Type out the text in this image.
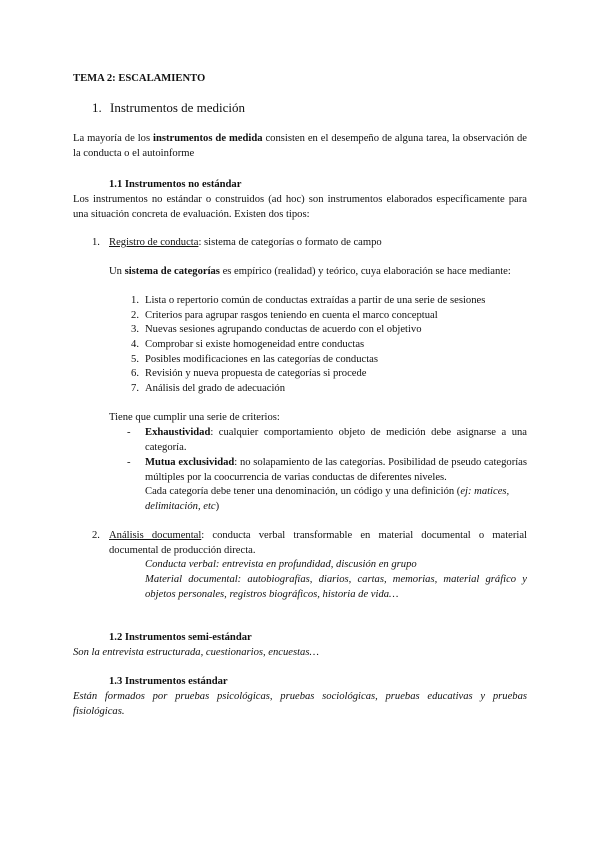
TEMA 2: ESCALAMIENTO
1. Instrumentos de medición
La mayoría de los instrumentos de medida consisten en el desempeño de alguna tarea, la observación de la conducta o el autoinforme
1.1 Instrumentos no estándar
Los instrumentos no estándar o construidos (ad hoc) son instrumentos elaborados específicamente para una situación concreta de evaluación. Existen dos tipos:
1. Registro de conducta: sistema de categorías o formato de campo
Un sistema de categorías es empírico (realidad) y teórico, cuya elaboración se hace mediante:
1. Lista o repertorio común de conductas extraídas a partir de una serie de sesiones
2. Criterios para agrupar rasgos teniendo en cuenta el marco conceptual
3. Nuevas sesiones agrupando conductas de acuerdo con el objetivo
4. Comprobar si existe homogeneidad entre conductas
5. Posibles modificaciones en las categorías de conductas
6. Revisión y nueva propuesta de categorías si procede
7. Análisis del grado de adecuación
Tiene que cumplir una serie de criterios:
- Exhaustividad: cualquier comportamiento objeto de medición debe asignarse a una categoría.
- Mutua exclusividad: no solapamiento de las categorías. Posibilidad de pseudo categorías múltiples por la coocurrencia de varias conductas de diferentes niveles.
Cada categoría debe tener una denominación, un código y una definición (ej: matices, delimitación, etc)
2. Análisis documental: conducta verbal transformable en material documental o material documental de producción directa.
Conducta verbal: entrevista en profundidad, discusión en grupo
Material documental: autobiografías, diarios, cartas, memorias, material gráfico y objetos personales, registros biográficos, historia de vida…
1.2 Instrumentos semi-estándar
Son la entrevista estructurada, cuestionarios, encuestas…
1.3 Instrumentos estándar
Están formados por pruebas psicológicas, pruebas sociológicas, pruebas educativas y pruebas fisiológicas.
